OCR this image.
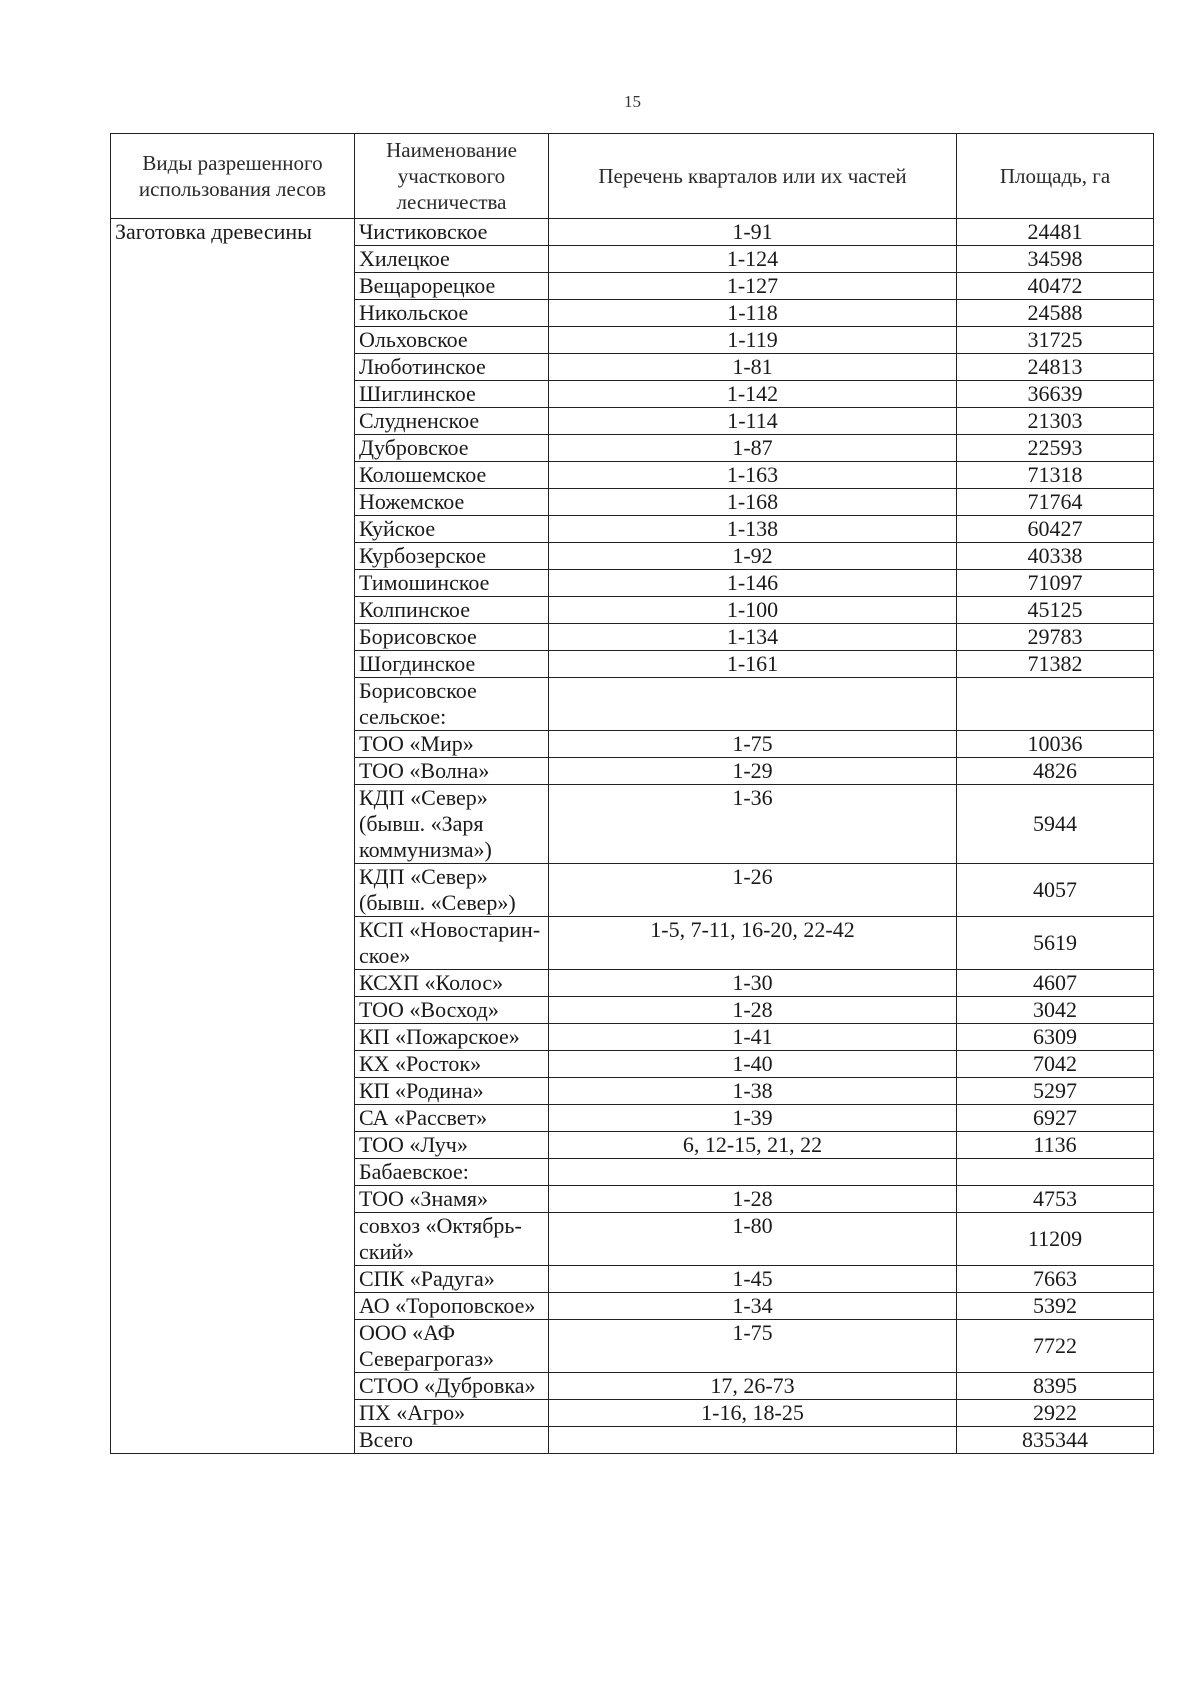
15
Виды разрешенного использования лесов	Наименование участкового лесничества	Перечень кварталов или их частей	Площадь, га
Заготовка древесины	Чистиковское	1-91	24481
	Хилецкое	1-124	34598
	Вещарорецкое	1-127	40472
	Никольское	1-118	24588
	Ольховское	1-119	31725
	Люботинское	1-81	24813
	Шиглинское	1-142	36639
	Слудненское	1-114	21303
	Дубровское	1-87	22593
	Колошемское	1-163	71318
	Ножемское	1-168	71764
	Куйское	1-138	60427
	Курбозерское	1-92	40338
	Тимошинское	1-146	71097
	Колпинское	1-100	45125
	Борисовское	1-134	29783
	Шогдинское	1-161	71382
	Борисовское сельское:		
	ТОО «Мир»	1-75	10036
	ТОО «Волна»	1-29	4826
	КДП «Север» (бывш. «Заря коммунизма»)	1-36	5944
	КДП «Север» (бывш. «Север»)	1-26	4057
	КСП «Новостарин-ское»	1-5, 7-11, 16-20, 22-42	5619
	КСХП «Колос»	1-30	4607
	ТОО «Восход»	1-28	3042
	КП «Пожарское»	1-41	6309
	КХ «Росток»	1-40	7042
	КП «Родина»	1-38	5297
	СА «Рассвет»	1-39	6927
	ТОО «Луч»	6, 12-15, 21, 22	1136
	Бабаевское:		
	ТОО «Знамя»	1-28	4753
	совхоз «Октябрь-ский»	1-80	11209
	СПК «Радуга»	1-45	7663
	АО «Тороповское»	1-34	5392
	ООО «АФ Северагрогаз»	1-75	7722
	СТОО «Дубровка»	17, 26-73	8395
	ПХ «Агро»	1-16, 18-25	2922
	Всего		835344
